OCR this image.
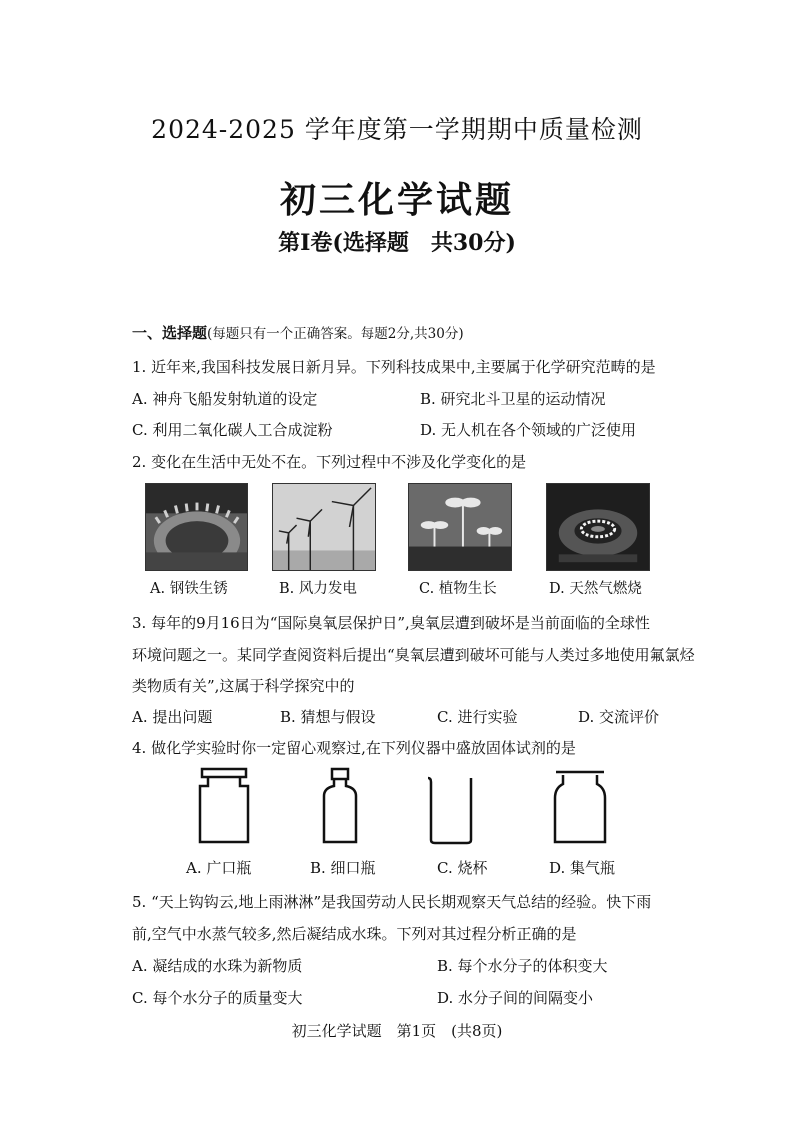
2024-2025 学年度第一学期期中质量检测
初三化学试题
第Ⅰ卷(选择题　共30分)
一、选择题(每题只有一个正确答案。每题2分,共30分)
1. 近年来,我国科技发展日新月异。下列科技成果中,主要属于化学研究范畴的是
A. 神舟飞船发射轨道的设定	B. 研究北斗卫星的运动情况
C. 利用二氧化碳人工合成淀粉	D. 无人机在各个领域的广泛使用
2. 变化在生活中无处不在。下列过程中不涉及化学变化的是
A. 钢铁生锈	B. 风力发电	C. 植物生长	D. 天然气燃烧
3. 每年的9月16日为“国际臭氧层保护日”,臭氧层遭到破坏是当前面临的全球性
环境问题之一。某同学查阅资料后提出“臭氧层遭到破坏可能与人类过多地使用氟氯烃
类物质有关”,这属于科学探究中的
A. 提出问题	B. 猜想与假设	C. 进行实验	D. 交流评价
4. 做化学实验时你一定留心观察过,在下列仪器中盛放固体试剂的是
A. 广口瓶	B. 细口瓶	C. 烧杯	D. 集气瓶
5. “天上钩钩云,地上雨淋淋”是我国劳动人民长期观察天气总结的经验。快下雨
前,空气中水蒸气较多,然后凝结成水珠。下列对其过程分析正确的是
A. 凝结成的水珠为新物质	B. 每个水分子的体积变大
C. 每个水分子的质量变大	D. 水分子间的间隔变小
初三化学试题　第1页　(共8页)
